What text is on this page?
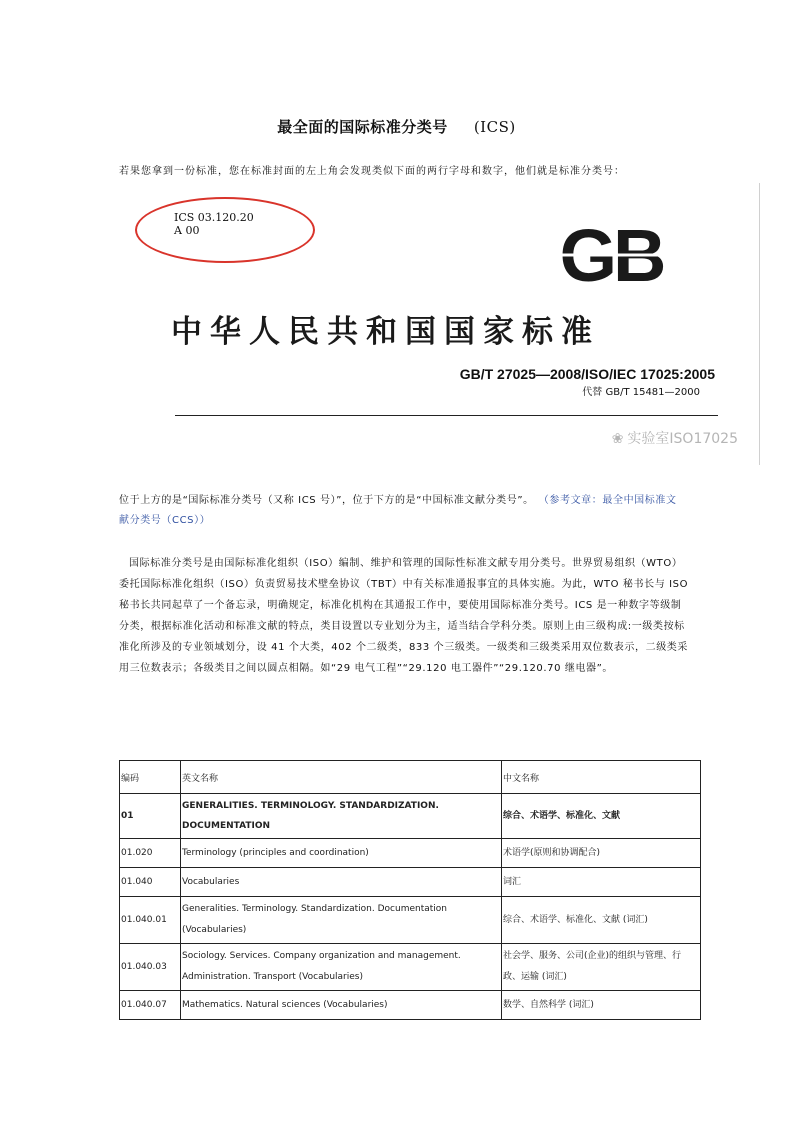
最全面的国际标准分类号 (ICS)
若果您拿到一份标准，您在标准封面的左上角会发现类似下面的两行字母和数字，他们就是标准分类号：
ICS 03.120.20
A 00	GB
中华人民共和国国家标准
GB/T 27025—2008/ISO/IEC 17025:2005
代替 GB/T 15481—2000
❀ 实验室ISO17025
位于上方的是“国际标准分类号（又称 ICS 号）”，位于下方的是“中国标准文献分类号”。 （参考文章：最全中国标准文献分类号（CCS））
国际标准分类号是由国际标准化组织（ISO）编制、维护和管理的国际性标准文献专用分类号。世界贸易组织（WTO）委托国际标准化组织（ISO）负责贸易技术壁垒协议（TBT）中有关标准通报事宜的具体实施。为此，WTO 秘书长与 ISO 秘书长共同起草了一个备忘录，明确规定，标准化机构在其通报工作中，要使用国际标准分类号。ICS 是一种数字等级制分类，根据标准化活动和标准文献的特点，类目设置以专业划分为主，适当结合学科分类。原则上由三级构成:一级类按标准化所涉及的专业领域划分，设 41 个大类，402 个二级类，833 个三级类。一级类和三级类采用双位数表示，二级类采用三位数表示；各级类目之间以圆点相隔。如“29 电气工程”“29.120 电工器件”“29.120.70 继电器”。
编码	英文名称	中文名称
01	GENERALITIES. TERMINOLOGY. STANDARDIZATION. DOCUMENTATION	综合、术语学、标准化、文献
01.020	Terminology (principles and coordination)	术语学(原则和协调配合)
01.040	Vocabularies	词汇
01.040.01	Generalities. Terminology. Standardization. Documentation (Vocabularies)	综合、术语学、标准化、文献 (词汇)
01.040.03	Sociology. Services. Company organization and management. Administration. Transport (Vocabularies)	社会学、服务、公司(企业)的组织与管理、行政、运输 (词汇)
01.040.07	Mathematics. Natural sciences (Vocabularies)	数学、自然科学 (词汇)
